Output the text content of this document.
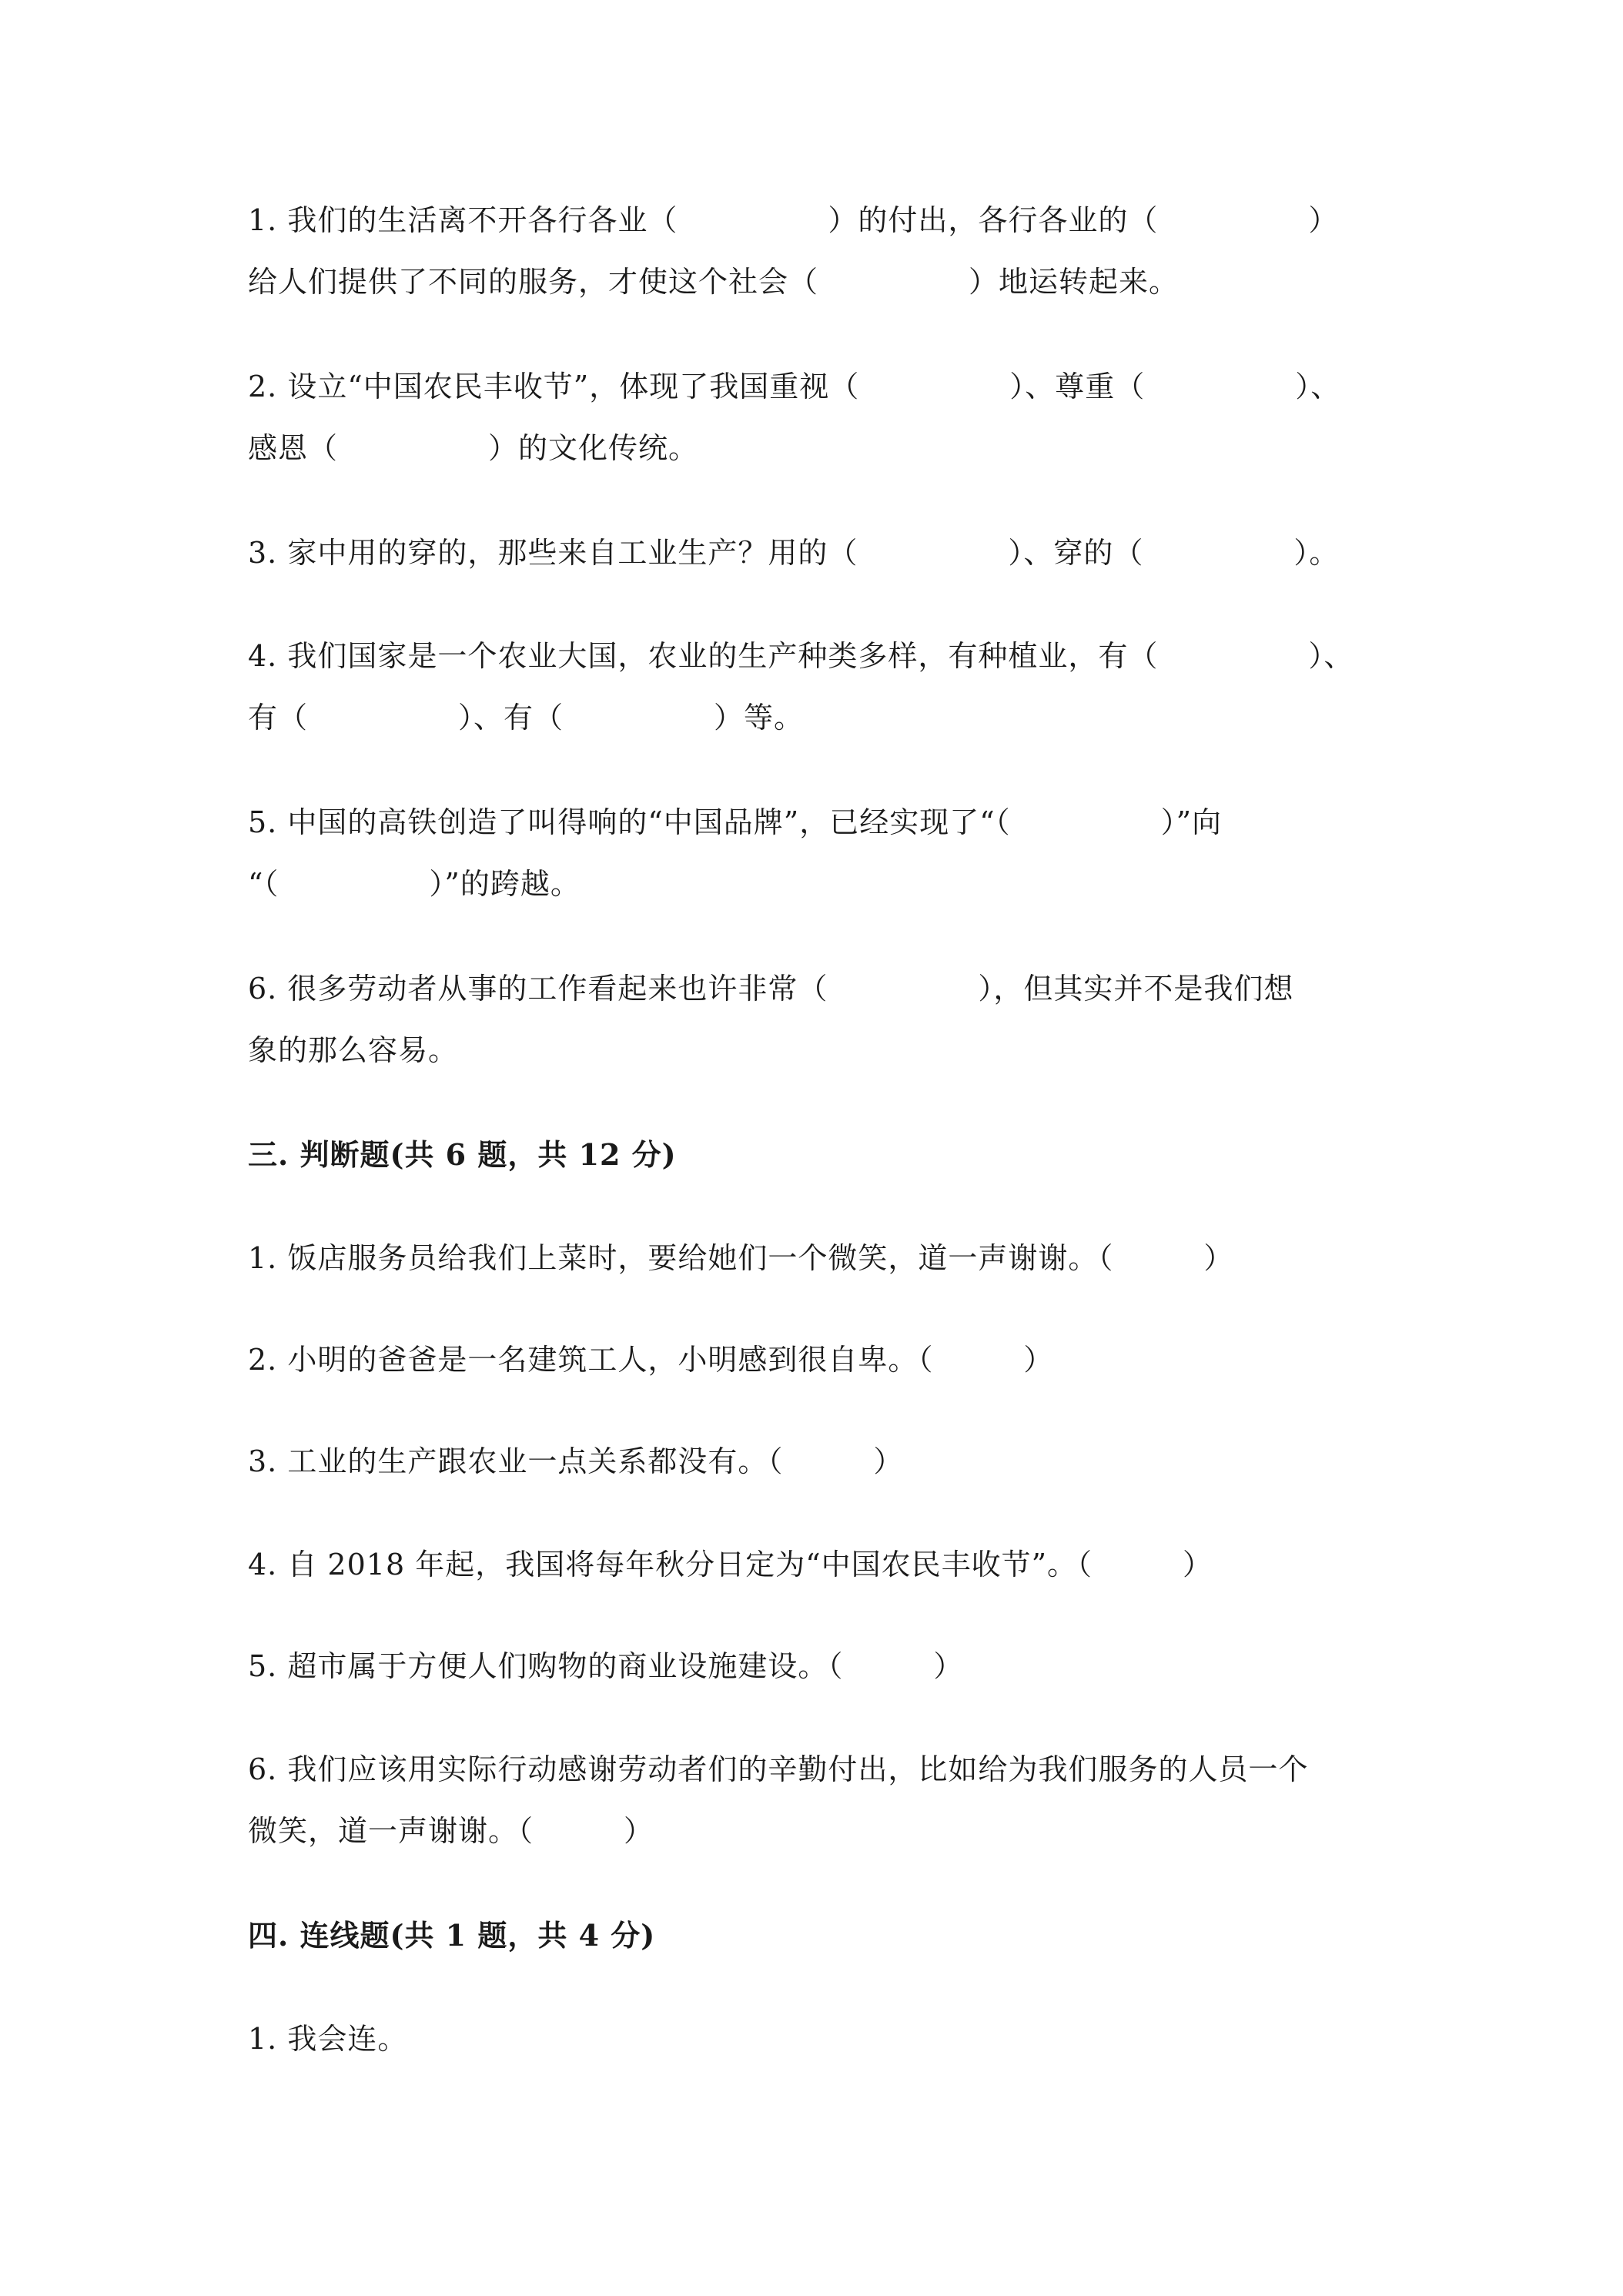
1. 我们的生活离不开各行各业（　　　　　）的付出，各行各业的（　　　　　）
给人们提供了不同的服务，才使这个社会（　　　　　）地运转起来。
2. 设立“中国农民丰收节”，体现了我国重视（　　　　　）、尊重（　　　　　）、
感恩（　　　　　）的文化传统。
3. 家中用的穿的，那些来自工业生产？用的（　　　　　）、穿的（　　　　　）。
4. 我们国家是一个农业大国，农业的生产种类多样，有种植业，有（　　　　　）、
有（　　　　　）、有（　　　　　）等。
5. 中国的高铁创造了叫得响的“中国品牌”，已经实现了“（　　　　　）”向
“（　　　　　）”的跨越。
6. 很多劳动者从事的工作看起来也许非常（　　　　　），但其实并不是我们想
象的那么容易。
三. 判断题(共 6 题，共 12 分)
1. 饭店服务员给我们上菜时，要给她们一个微笑，道一声谢谢。（　　　）
2. 小明的爸爸是一名建筑工人，小明感到很自卑。（　　　）
3. 工业的生产跟农业一点关系都没有。（　　　）
4. 自 2018 年起，我国将每年秋分日定为“中国农民丰收节”。（　　　）
5. 超市属于方便人们购物的商业设施建设。（　　　）
6. 我们应该用实际行动感谢劳动者们的辛勤付出，比如给为我们服务的人员一个
微笑，道一声谢谢。（　　　）
四. 连线题(共 1 题，共 4 分)
1. 我会连。
